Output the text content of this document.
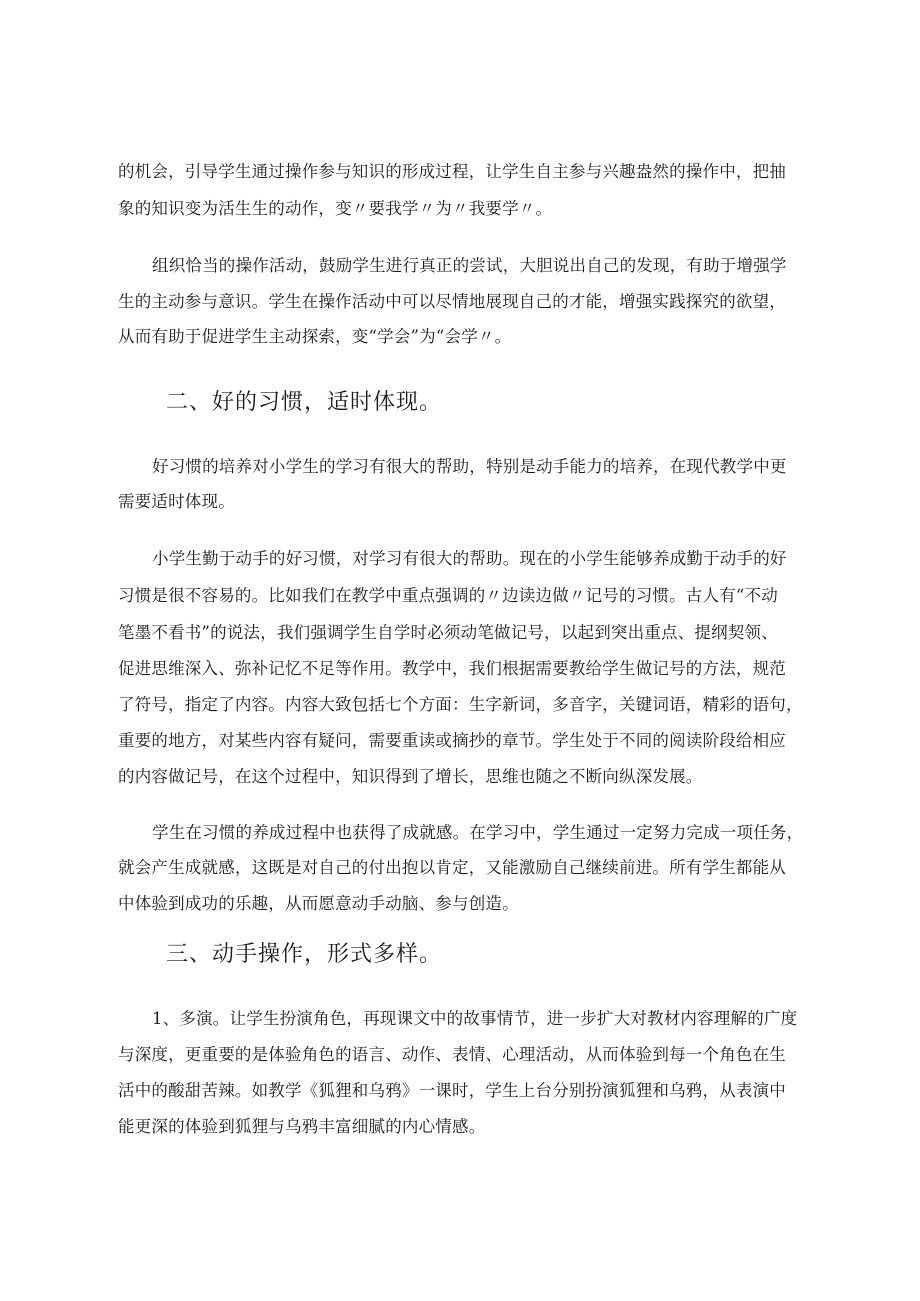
的机会，引导学生通过操作参与知识的形成过程，让学生自主参与兴趣盎然的操作中，把抽
象的知识变为活生生的动作，变〃要我学〃为〃我要学〃。
组织恰当的操作活动，鼓励学生进行真正的尝试，大胆说出自己的发现，有助于增强学
生的主动参与意识。学生在操作活动中可以尽情地展现自己的才能，增强实践探究的欲望，
从而有助于促进学生主动探索，变“学会”为“会学〃。
二、好的习惯，适时体现。
好习惯的培养对小学生的学习有很大的帮助，特别是动手能力的培养，在现代教学中更
需要适时体现。
小学生勤于动手的好习惯，对学习有很大的帮助。现在的小学生能够养成勤于动手的好
习惯是很不容易的。比如我们在教学中重点强调的〃边读边做〃记号的习惯。古人有“不动
笔墨不看书”的说法，我们强调学生自学时必须动笔做记号，以起到突出重点、提纲契领、
促进思维深入、弥补记忆不足等作用。教学中，我们根据需要教给学生做记号的方法，规范
了符号，指定了内容。内容大致包括七个方面：生字新词，多音字，关键词语，精彩的语句，
重要的地方，对某些内容有疑问，需要重读或摘抄的章节。学生处于不同的阅读阶段给相应
的内容做记号，在这个过程中，知识得到了增长，思维也随之不断向纵深发展。
学生在习惯的养成过程中也获得了成就感。在学习中，学生通过一定努力完成一项任务，
就会产生成就感，这既是对自己的付出抱以肯定，又能激励自己继续前进。所有学生都能从
中体验到成功的乐趣，从而愿意动手动脑、参与创造。
三、动手操作，形式多样。
1、多演。让学生扮演角色，再现课文中的故事情节，进一步扩大对教材内容理解的广度
与深度，更重要的是体验角色的语言、动作、表情、心理活动，从而体验到每一个角色在生
活中的酸甜苦辣。如教学《狐狸和乌鸦》一课时，学生上台分别扮演狐狸和乌鸦，从表演中
能更深的体验到狐狸与乌鸦丰富细腻的内心情感。
